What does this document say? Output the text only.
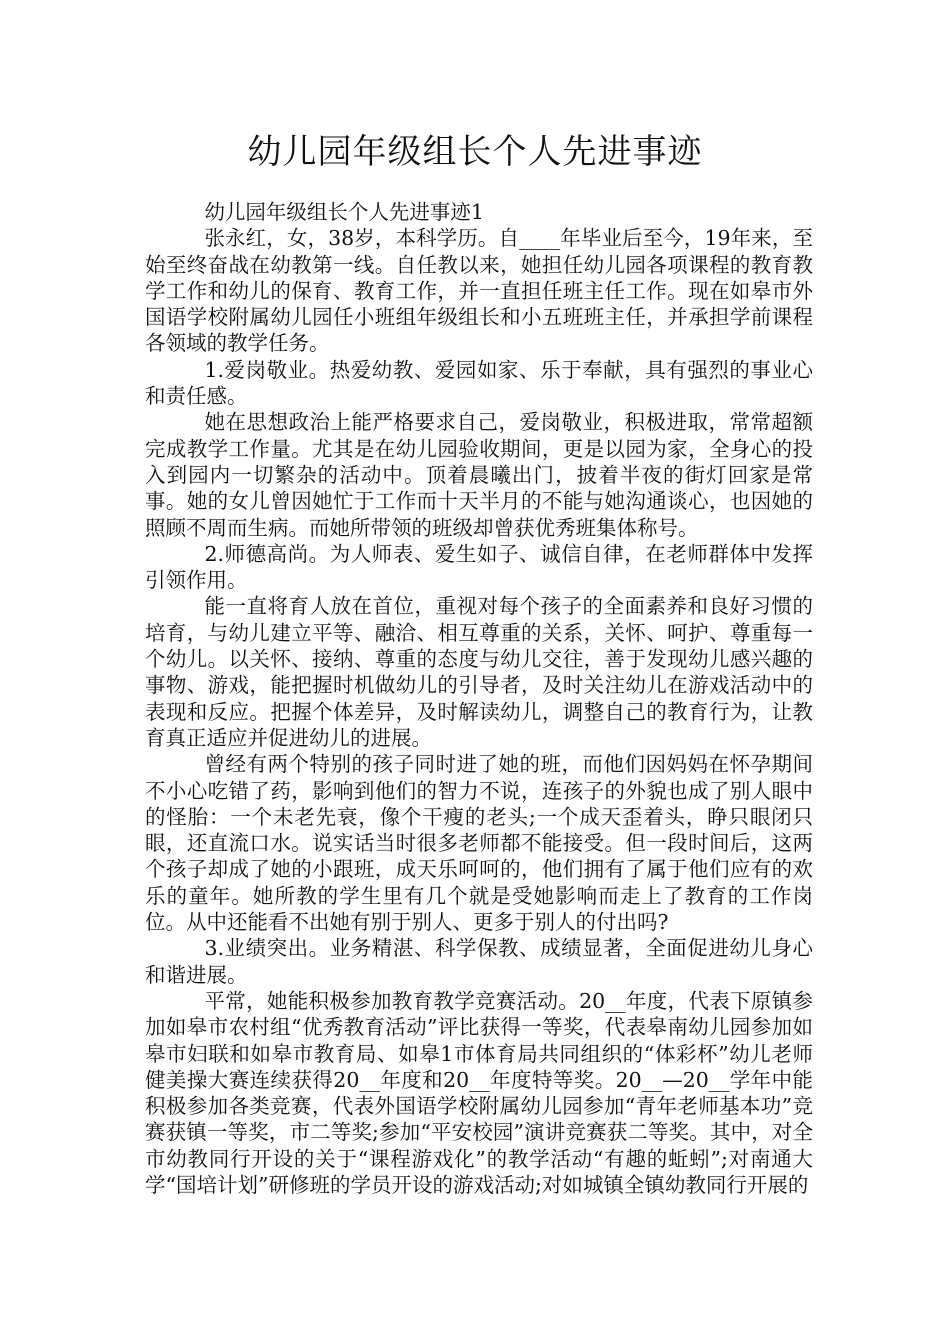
幼儿园年级组长个人先进事迹

幼儿园年级组长个人先进事迹1

张永红，女，38岁，本科学历。自____年毕业后至今，19年来，至始至终奋战在幼教第一线。自任教以来，她担任幼儿园各项课程的教育教学工作和幼儿的保育、教育工作，并一直担任班主任工作。现在如皋市外国语学校附属幼儿园任小班组年级组长和小五班班主任，并承担学前课程各领域的教学任务。

1.爱岗敬业。热爱幼教、爱园如家、乐于奉献，具有强烈的事业心和责任感。

她在思想政治上能严格要求自己，爱岗敬业，积极进取，常常超额完成教学工作量。尤其是在幼儿园验收期间，更是以园为家，全身心的投入到园内一切繁杂的活动中。顶着晨曦出门，披着半夜的街灯回家是常事。她的女儿曾因她忙于工作而十天半月的不能与她沟通谈心，也因她的照顾不周而生病。而她所带领的班级却曾获优秀班集体称号。

2.师德高尚。为人师表、爱生如子、诚信自律，在老师群体中发挥引领作用。

能一直将育人放在首位，重视对每个孩子的全面素养和良好习惯的培育，与幼儿建立平等、融洽、相互尊重的关系，关怀、呵护、尊重每一个幼儿。以关怀、接纳、尊重的态度与幼儿交往，善于发现幼儿感兴趣的事物、游戏，能把握时机做幼儿的引导者，及时关注幼儿在游戏活动中的表现和反应。把握个体差异，及时解读幼儿，调整自己的教育行为，让教育真正适应并促进幼儿的进展。

曾经有两个特别的孩子同时进了她的班，而他们因妈妈在怀孕期间不小心吃错了药，影响到他们的智力不说，连孩子的外貌也成了别人眼中的怪胎：一个未老先衰，像个干瘦的老头;一个成天歪着头，睁只眼闭只眼，还直流口水。说实话当时很多老师都不能接受。但一段时间后，这两个孩子却成了她的小跟班，成天乐呵呵的，他们拥有了属于他们应有的欢乐的童年。她所教的学生里有几个就是受她影响而走上了教育的工作岗位。从中还能看不出她有别于别人、更多于别人的付出吗?

3.业绩突出。业务精湛、科学保教、成绩显著，全面促进幼儿身心和谐进展。

平常，她能积极参加教育教学竞赛活动。20__年度，代表下原镇参加如皋市农村组“优秀教育活动”评比获得一等奖，代表皋南幼儿园参加如皋市妇联和如皋市教育局、如皋1市体育局共同组织的“体彩杯”幼儿老师健美操大赛连续获得20__年度和20__年度特等奖。20__—20__学年中能积极参加各类竞赛，代表外国语学校附属幼儿园参加“青年老师基本功”竞赛获镇一等奖，市二等奖;参加“平安校园”演讲竞赛获二等奖。其中，对全市幼教同行开设的关于“课程游戏化”的教学活动“有趣的蚯蚓”;对南通大学“国培计划”研修班的学员开设的游戏活动;对如城镇全镇幼教同行开展的
